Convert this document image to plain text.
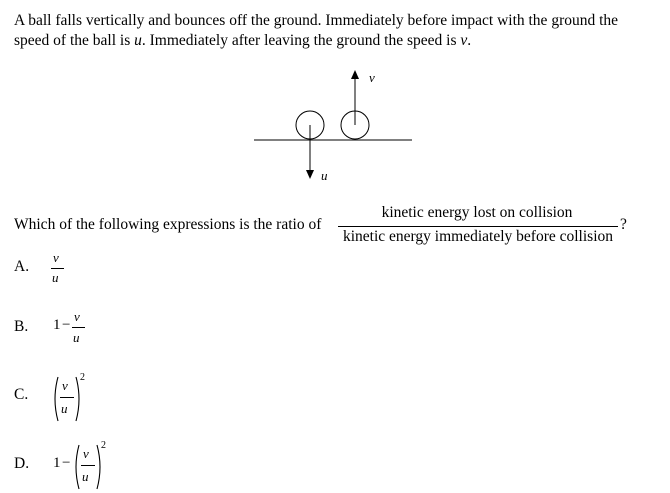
A ball falls vertically and bounces off the ground. Immediately before impact with the ground the
speed of the ball is u. Immediately after leaving the ground the speed is v.
v
u
Which of the following expressions is the ratio of
kinetic energy lost on collision
kinetic energy immediately before collision
?
A.
v
u
B. 1 −
v
u
C.
v
u
2
D. 1 −
v
u
2
